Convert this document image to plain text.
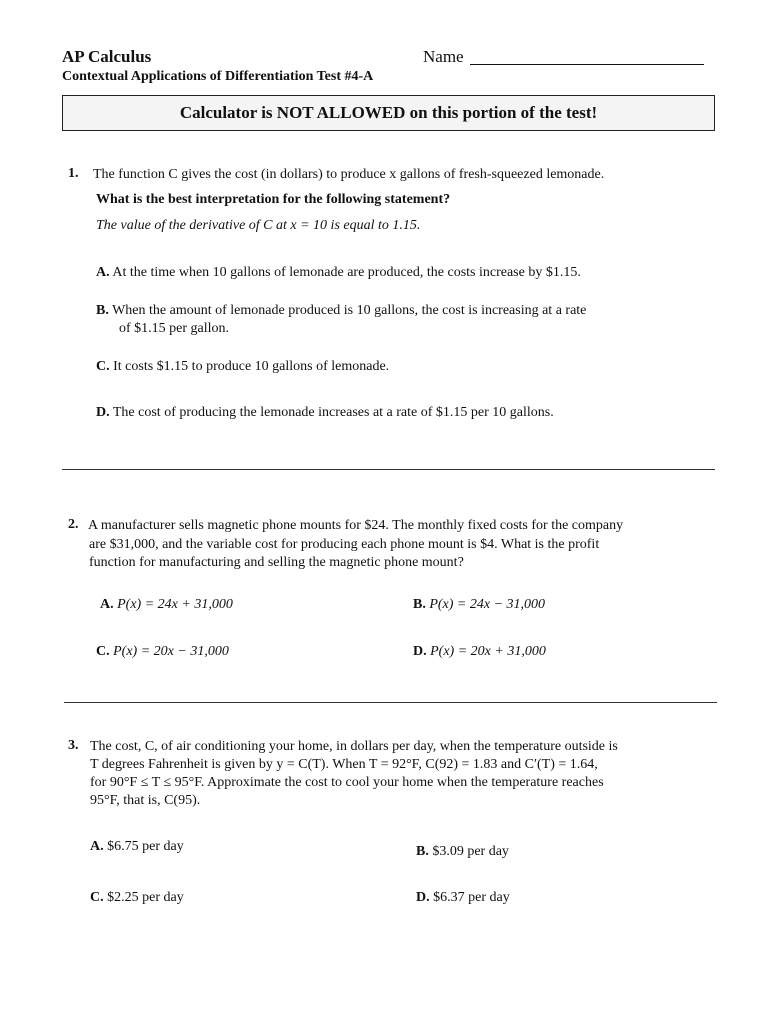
AP Calculus	Name
Contextual Applications of Differentiation Test #4-A
Calculator is NOT ALLOWED on this portion of the test!
1. The function C gives the cost (in dollars) to produce x gallons of fresh-squeezed lemonade.
What is the best interpretation for the following statement?
The value of the derivative of C at x = 10 is equal to 1.15.
A. At the time when 10 gallons of lemonade are produced, the costs increase by $1.15.
B. When the amount of lemonade produced is 10 gallons, the cost is increasing at a rate
of $1.15 per gallon.
C. It costs $1.15 to produce 10 gallons of lemonade.
D. The cost of producing the lemonade increases at a rate of $1.15 per 10 gallons.
2. A manufacturer sells magnetic phone mounts for $24. The monthly fixed costs for the company
are $31,000, and the variable cost for producing each phone mount is $4. What is the profit
function for manufacturing and selling the magnetic phone mount?
A. P(x) = 24x + 31,000	B. P(x) = 24x − 31,000
C. P(x) = 20x − 31,000	D. P(x) = 20x + 31,000
3. The cost, C, of air conditioning your home, in dollars per day, when the temperature outside is
T degrees Fahrenheit is given by y = C(T). When T = 92°F, C(92) = 1.83 and C′(T) = 1.64,
for 90°F ≤ T ≤ 95°F. Approximate the cost to cool your home when the temperature reaches
95°F, that is, C(95).
A. $6.75 per day	B. $3.09 per day
C. $2.25 per day	D. $6.37 per day
